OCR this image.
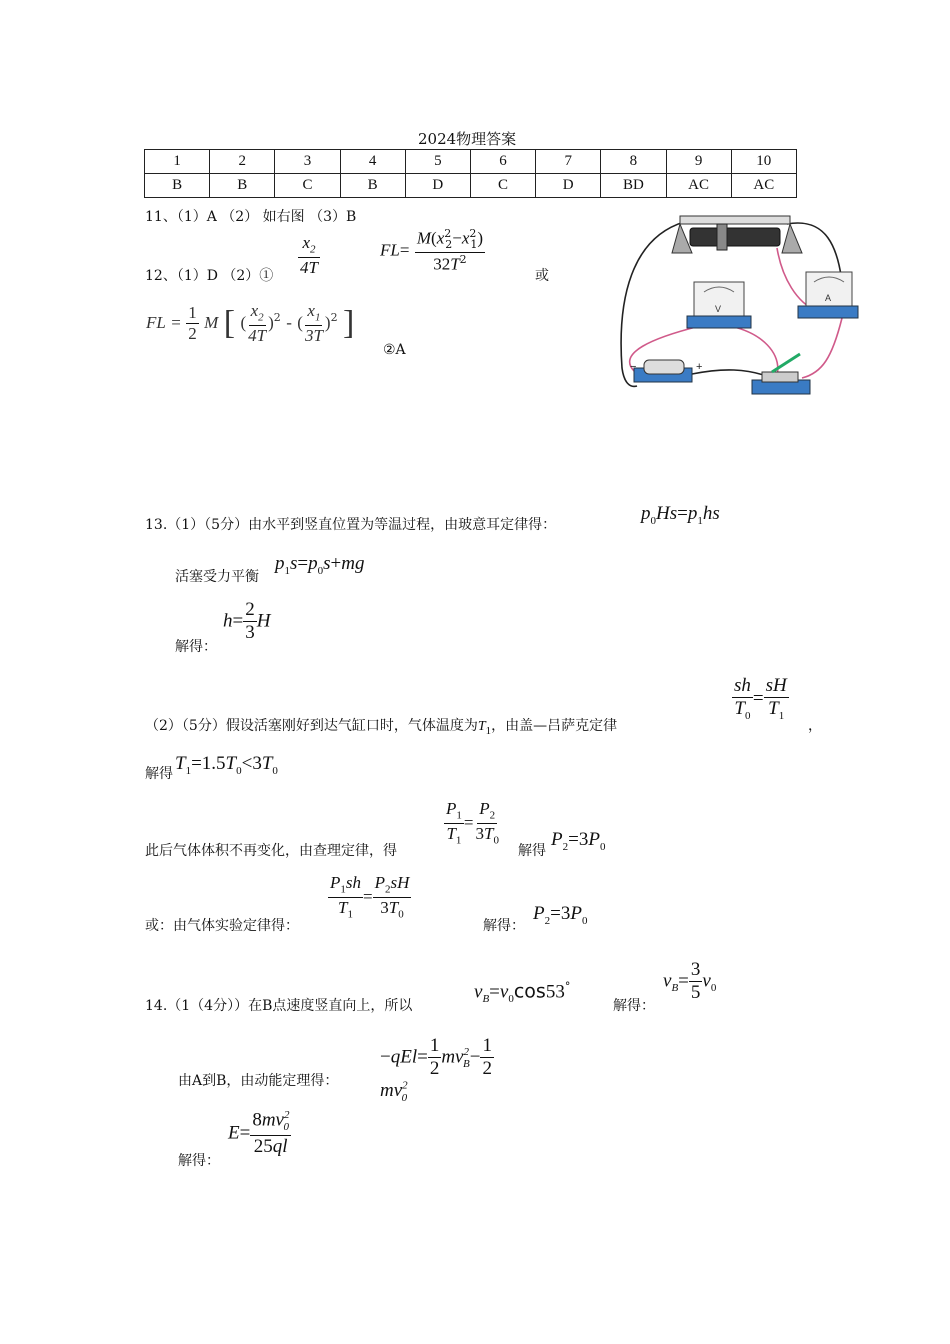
2024物理答案
1	2	3	4	5	6	7	8	9	10
B	B	C	B	D	C	D	BD	AC	AC
11、（1）A （2） 如右图 （3）B
12、（1）D （2）① $\frac{x_2}{4T}$	$FL= \frac{M(x^2_2-x^2_1)}{32T^2}$
或
FL = $\frac{1}{2}$ M [ ( $\frac{x_2}{4T} )^2$ - ( $\frac{x_1}{3T} )^2$ ]
②A
V
A
−	+
13.（1）（5分）由水平到竖直位置为等温过程，由玻意耳定律得：
$p_0Hs=p_1hs$
活塞受力平衡
$p_1s=p_0s+mg$
解得：
$h= \frac{2}{3}$ H
（2）（5分）假设活塞刚好到达气缸口时，气体温度为$T_1$，由盖—吕萨克定律
$\frac{sh}{T_0} = \frac{sH}{T_1}$
，
解得 $T_1=1.5T_0<3T_0$
此后气体体积不再变化，由查理定律，得
$\frac{P_1}{T_1} = \frac{P_2}{3T_0}$
解得
$P_2=3P_0$
或：由气体实验定律得：
$\frac{P_1sh}{T_1} = \frac{P_2sH}{3T_0}$
解得：
$P_2=3P_0$
14.（1（4分））在B点速度竖直向上，所以
$v_B=v_0\cos 53^\circ$
解得：
$v_B= \frac{3}{5} v_0$
由A到B，由动能定理得：
$-qEl= \frac{1}{2} mv^2_B- \frac{1}{2}$
$mv^2_0$
解得：
$E= \frac{8mv^2_0}{25ql}$
